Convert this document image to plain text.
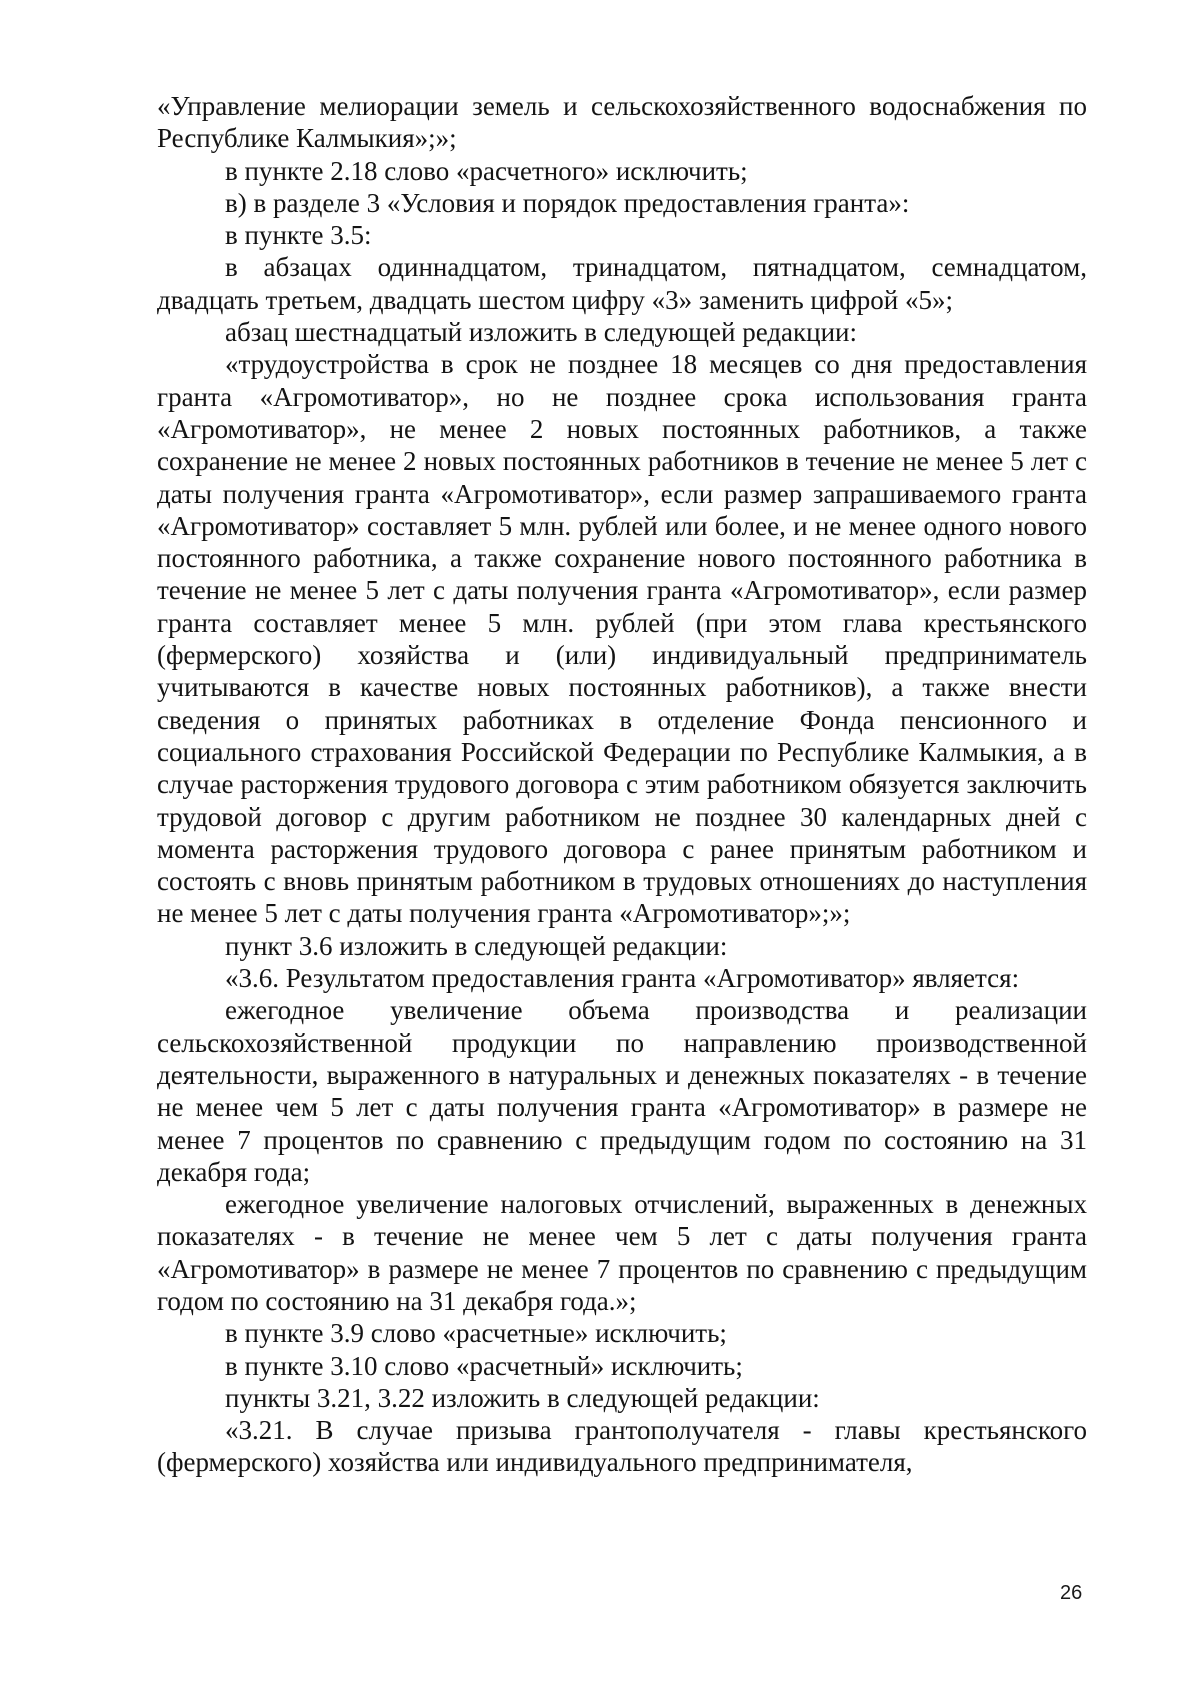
«Управление мелиорации земель и сельскохозяйственного водоснабжения по Республике Калмыкия»;»;

в пункте 2.18 слово «расчетного» исключить;

в) в разделе 3 «Условия и порядок предоставления гранта»:

в пункте 3.5:

в абзацах одиннадцатом, тринадцатом, пятнадцатом, семнадцатом, двадцать третьем, двадцать шестом цифру «3» заменить цифрой «5»;

абзац шестнадцатый изложить в следующей редакции:

«трудоустройства в срок не позднее 18 месяцев со дня предоставления гранта «Агромотиватор», но не позднее срока использования гранта «Агромотиватор», не менее 2 новых постоянных работников, а также сохранение не менее 2 новых постоянных работников в течение не менее 5 лет с даты получения гранта «Агромотиватор», если размер запрашиваемого гранта «Агромотиватор» составляет 5 млн. рублей или более, и не менее одного нового постоянного работника, а также сохранение нового постоянного работника в течение не менее 5 лет с даты получения гранта «Агромотиватор», если размер гранта составляет менее 5 млн. рублей (при этом глава крестьянского (фермерского) хозяйства и (или) индивидуальный предприниматель учитываются в качестве новых постоянных работников), а также внести сведения о принятых работниках в отделение Фонда пенсионного и социального страхования Российской Федерации по Республике Калмыкия, а в случае расторжения трудового договора с этим работником обязуется заключить трудовой договор с другим работником не позднее 30 календарных дней с момента расторжения трудового договора с ранее принятым работником и состоять с вновь принятым работником в трудовых отношениях до наступления не менее 5 лет с даты получения гранта «Агромотиватор»;»;

пункт 3.6 изложить в следующей редакции:

«3.6. Результатом предоставления гранта «Агромотиватор» является:

ежегодное увеличение объема производства и реализации сельскохозяйственной продукции по направлению производственной деятельности, выраженного в натуральных и денежных показателях - в течение не менее чем 5 лет с даты получения гранта «Агромотиватор» в размере не менее 7 процентов по сравнению с предыдущим годом по состоянию на 31 декабря года;

ежегодное увеличение налоговых отчислений, выраженных в денежных показателях - в течение не менее чем 5 лет с даты получения гранта «Агромотиватор» в размере не менее 7 процентов по сравнению с предыдущим годом по состоянию на 31 декабря года.»;

в пункте 3.9 слово «расчетные» исключить;

в пункте 3.10 слово «расчетный» исключить;

пункты 3.21, 3.22 изложить в следующей редакции:

«3.21. В случае призыва грантополучателя - главы крестьянского (фермерского) хозяйства или индивидуального предпринимателя,

26
